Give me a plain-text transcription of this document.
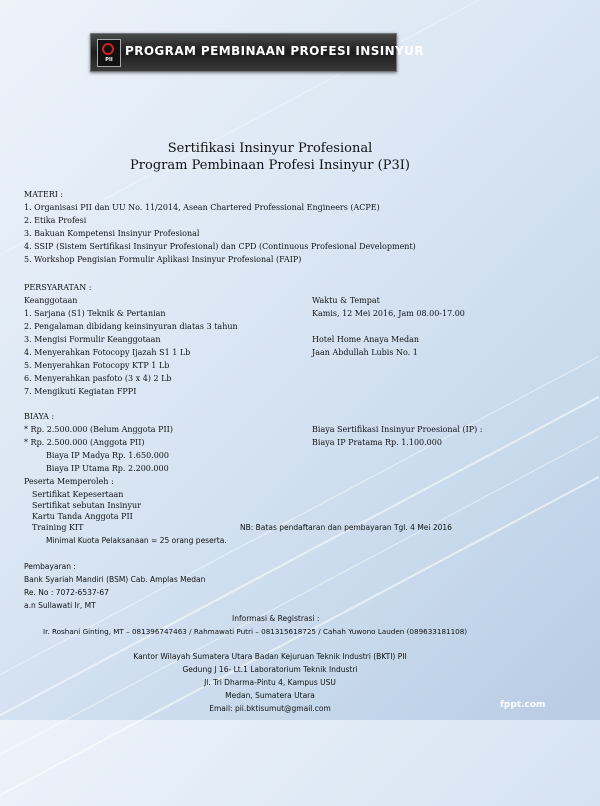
PII
PROGRAM PEMBINAAN PROFESI INSINYUR
Sertifikasi Insinyur Profesional
Program Pembinaan Profesi Insinyur (P3I)
MATERI :
1. Organisasi PII dan UU No. 11/2014, Asean Chartered Professional Engineers (ACPE)
2. Etika Profesi
3. Bakuan Kompetensi Insinyur Profesional
4. SSIP (Sistem Sertifikasi Insinyur Profesional) dan CPD (Continuous Profesional Development)
5. Workshop Pengisian Formulir Aplikasi Insinyur Profesional (FAIP)
PERSYARATAN :
Keanggotaan
1. Sarjana (S1) Teknik & Pertanian
2. Pengalaman dibidang keinsinyuran diatas 3 tahun
3. Mengisi Formulir Keanggotaan
4. Menyerahkan Fotocopy Ijazah S1 1 Lb
5. Menyerahkan Fotocopy KTP 1 Lb
6. Menyerahkan pasfoto (3 x 4) 2 Lb
7. Mengikuti Kegiatan FPPI
Waktu & Tempat
Kamis, 12 Mei 2016, Jam 08.00-17.00
Hotel Home Anaya Medan
Jaan Abdullah Lubis No. 1
BIAYA :
* Rp. 2.500.000 (Belum Anggota PII)
* Rp. 2.500.000 (Anggota PII)
Biaya IP Madya Rp. 1.650.000
Biaya IP Utama Rp. 2.200.000
Biaya Sertifikasi Insinyur Proesional (IP) :
Biaya IP Pratama Rp. 1.100.000
Peserta Memperoleh :
Sertifikat Kepesertaan
Sertifikat sebutan Insinyur
Kartu Tanda Anggota PII
Training KIT	NB: Batas pendaftaran dan pembayaran Tgl. 4 Mei 2016
Minimal Kuota Pelaksanaan = 25 orang peserta.
Pembayaran :
Bank Syariah Mandiri (BSM) Cab. Amplas Medan
Re. No : 7072-6537-67
a.n Sullawati Ir, MT
Informasi & Registrasi :
Ir. Roshani Ginting, MT – 081396747463 / Rahmawati Putri – 081315618725 / Cahah Yuwono Lauden (089633181108)
Kantor Wilayah Sumatera Utara Badan Kejuruan Teknik Industri (BKTI) PII
Gedung J 16- Lt.1 Laboratorium Teknik Industri
Jl. Tri Dharma-Pintu 4, Kampus USU
Medan, Sumatera Utara
Email: pii.bktisumut@gmail.com	fppt.com
